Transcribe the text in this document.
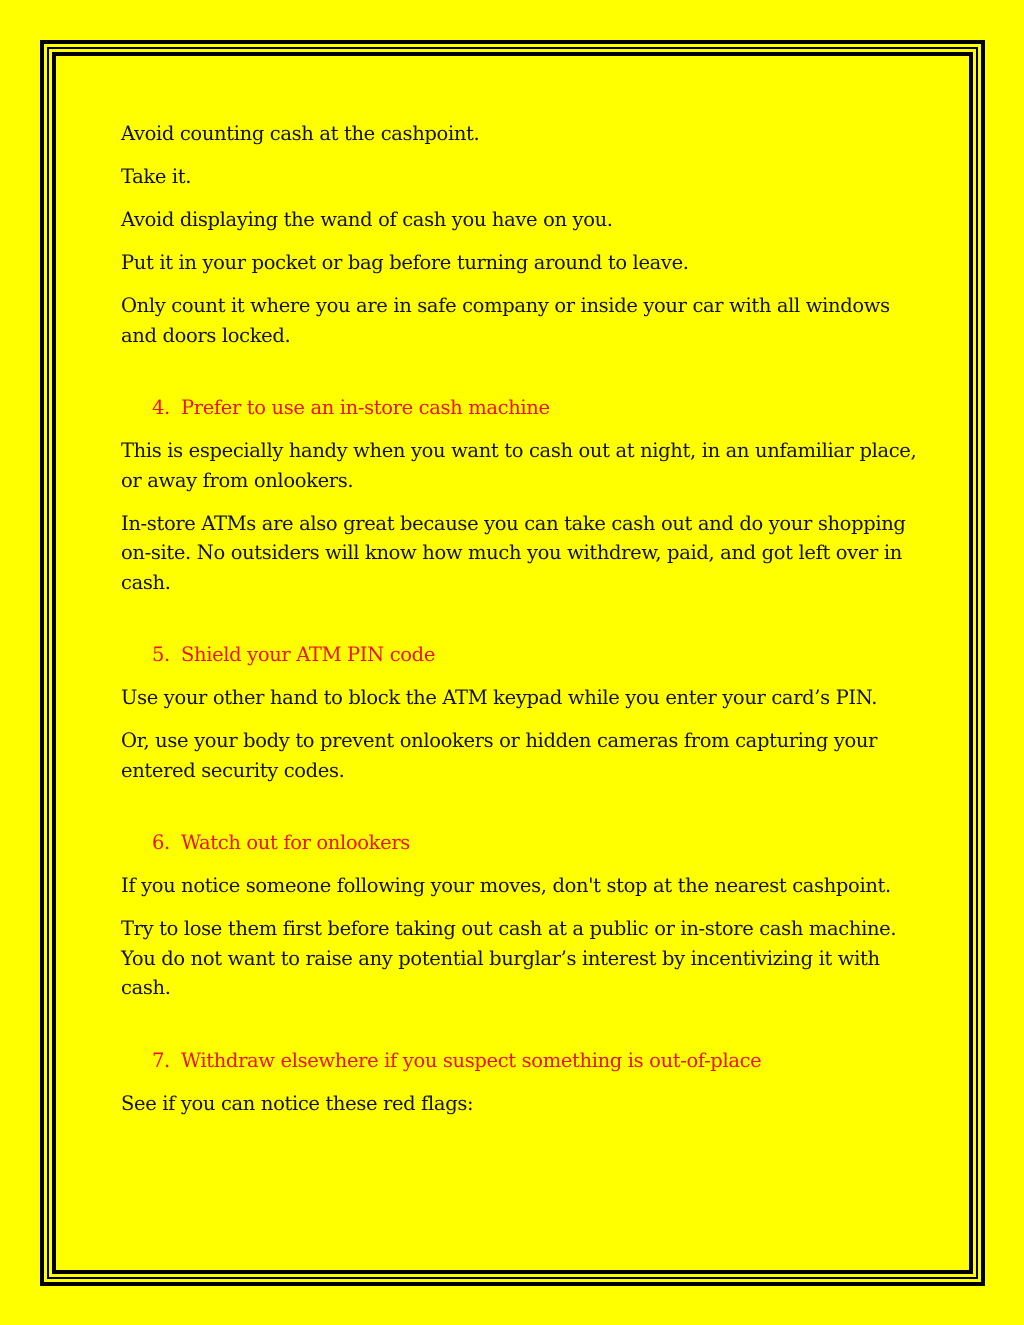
Avoid counting cash at the cashpoint.

Take it.

Avoid displaying the wand of cash you have on you.

Put it in your pocket or bag before turning around to leave.

Only count it where you are in safe company or inside your car with all windows and doors locked.

4. Prefer to use an in-store cash machine

This is especially handy when you want to cash out at night, in an unfamiliar place, or away from onlookers.

In-store ATMs are also great because you can take cash out and do your shopping on-site. No outsiders will know how much you withdrew, paid, and got left over in cash.

5. Shield your ATM PIN code

Use your other hand to block the ATM keypad while you enter your card’s PIN.

Or, use your body to prevent onlookers or hidden cameras from capturing your entered security codes.

6. Watch out for onlookers

If you notice someone following your moves, don't stop at the nearest cashpoint.

Try to lose them first before taking out cash at a public or in-store cash machine. You do not want to raise any potential burglar’s interest by incentivizing it with cash.

7. Withdraw elsewhere if you suspect something is out-of-place

See if you can notice these red flags:
